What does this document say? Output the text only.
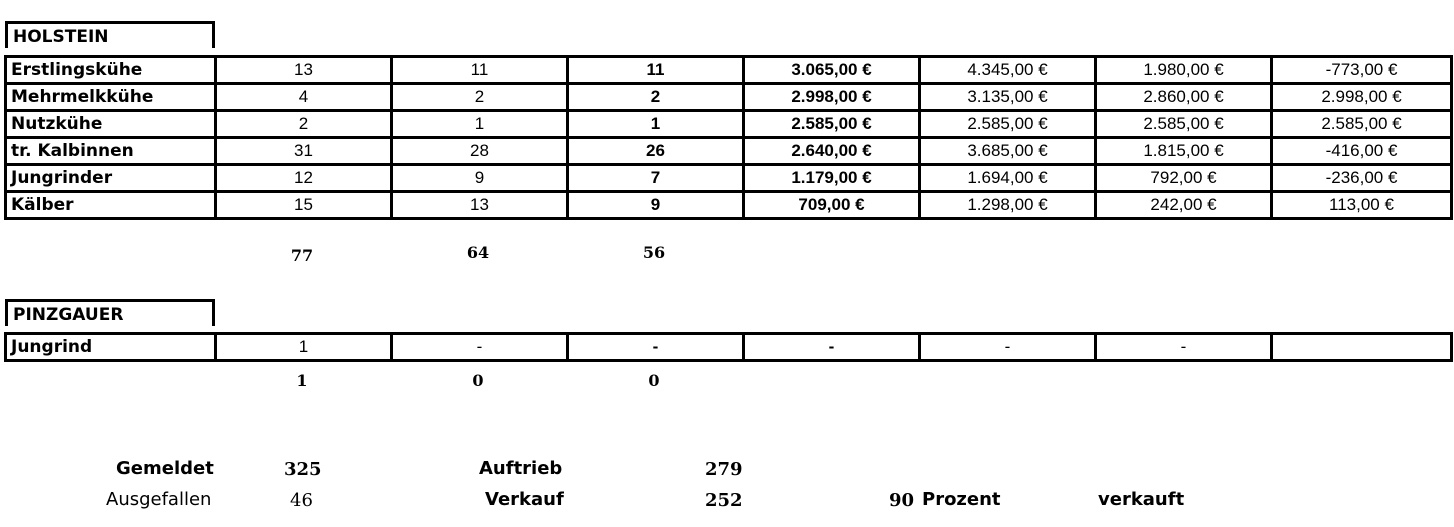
HOLSTEIN
Erstlingskühe	13	11	11	3.065,00 €	4.345,00 €	1.980,00 €	-773,00 €
Mehrmelkkühe	4	2	2	2.998,00 €	3.135,00 €	2.860,00 €	2.998,00 €
Nutzkühe	2	1	1	2.585,00 €	2.585,00 €	2.585,00 €	2.585,00 €
tr. Kalbinnen	31	28	26	2.640,00 €	3.685,00 €	1.815,00 €	-416,00 €
Jungrinder	12	9	7	1.179,00 €	1.694,00 €	792,00 €	-236,00 €
Kälber	15	13	9	709,00 €	1.298,00 €	242,00 €	113,00 €
77	64	56
PINZGAUER
Jungrind	1	-	-	-	-	-	
1	0	0
Gemeldet	325	Auftrieb	279
Ausgefallen	46	Verkauf	252	90 Prozent	verkauft
